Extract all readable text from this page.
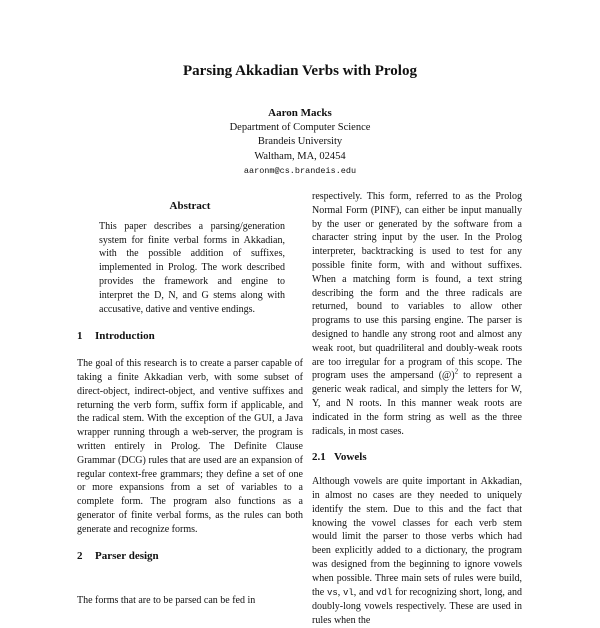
Parsing Akkadian Verbs with Prolog
Aaron Macks
Department of Computer Science
Brandeis University
Waltham, MA, 02454
aaronm@cs.brandeis.edu
Abstract

This paper describes a parsing/generation system for finite verbal forms in Akkadian, with the possible addition of suffixes, implemented in Prolog. The work described provides the framework and engine to interpret the D, N, and G stems along with accusative, dative and ventive endings.

1 Introduction

The goal of this research is to create a parser capable of taking a finite Akkadian verb, with some subset of direct-object, indirect-object, and ventive suffixes and returning the verb form, suffix form if applicable, and the radical stem. With the exception of the GUI, a Java wrapper running through a web-server, the program is written entirely in Prolog. The Definite Clause Grammar (DCG) rules that are used are an expansion of regular context-free grammars; they define a set of one or more expansions from a set of variables to a complete form. The program also functions as a generator of finite verbal forms, as the rules can both generate and recognize forms.

2 Parser design
The forms that are to be parsed can be fed in

respectively. This form, referred to as the Prolog Normal Form (PINF), can either be input manually by the user or generated by the software from a character string input by the user. In the Prolog interpreter, backtracking is used to test for any possible finite form, with and without suffixes. When a matching form is found, a text string describing the form and the three radicals are returned, bound to variables to allow other programs to use this parsing engine. The parser is designed to handle any strong root and almost any weak root, but quadriliteral and doubly-weak roots are too irregular for a program of this scope. The program uses the ampersand (@)$^2$ to represent a generic weak radical, and simply the letters for W, Y, and N roots. In this manner weak roots are indicated in the form string as well as the three radicals, in most cases.

2.1 Vowels

Although vowels are quite important in Akkadian, in almost no cases are they needed to uniquely identify the stem. Due to this and the fact that knowing the vowel classes for each verb stem would limit the parser to those verbs which had been explicitly added to a dictionary, the program was designed from the beginning to ignore vowels when possible. Three main sets of rules were build, the vs, vl, and vdl for recognizing short, long, and doubly-long vowels respectively. These are used in rules when the
